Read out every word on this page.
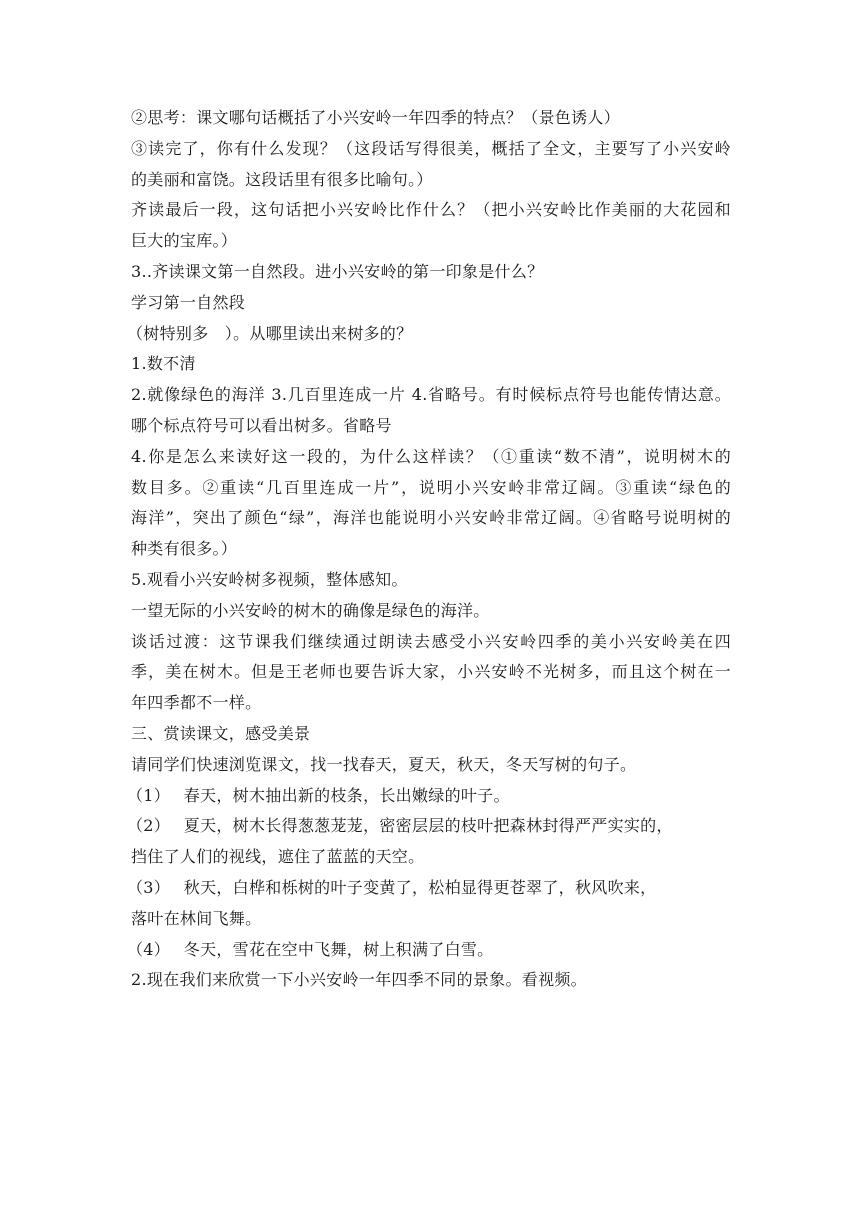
②思考：课文哪句话概括了小兴安岭一年四季的特点？（景色诱人）
③读完了，你有什么发现？（这段话写得很美，概括了全文，主要写了小兴安岭
的美丽和富饶。这段话里有很多比喻句。）
齐读最后一段，这句话把小兴安岭比作什么？（把小兴安岭比作美丽的大花园和
巨大的宝库。）
3..齐读课文第一自然段。进小兴安岭的第一印象是什么？
学习第一自然段
（树特别多　）。从哪里读出来树多的？
1.数不清
2.就像绿色的海洋 3.几百里连成一片 4.省略号。有时候标点符号也能传情达意。
哪个标点符号可以看出树多。省略号
4.你是怎么来读好这一段的，为什么这样读？（①重读“数不清”，说明树木的
数目多。②重读“几百里连成一片”，说明小兴安岭非常辽阔。③重读“绿色的
海洋”，突出了颜色“绿”，海洋也能说明小兴安岭非常辽阔。④省略号说明树的
种类有很多。）
5.观看小兴安岭树多视频，整体感知。
一望无际的小兴安岭的树木的确像是绿色的海洋。
谈话过渡：这节课我们继续通过朗读去感受小兴安岭四季的美小兴安岭美在四
季，美在树木。但是王老师也要告诉大家，小兴安岭不光树多，而且这个树在一
年四季都不一样。
三、赏读课文，感受美景
请同学们快速浏览课文，找一找春天，夏天，秋天，冬天写树的句子。
（1）　 春天，树木抽出新的枝条，长出嫩绿的叶子。
（2）　 夏天，树木长得葱葱茏茏，密密层层的枝叶把森林封得严严实实的，
挡住了人们的视线，遮住了蓝蓝的天空。
（3）　 秋天，白桦和栎树的叶子变黄了，松柏显得更苍翠了，秋风吹来，
落叶在林间飞舞。
（4）　 冬天，雪花在空中飞舞，树上积满了白雪。
2.现在我们来欣赏一下小兴安岭一年四季不同的景象。看视频。
